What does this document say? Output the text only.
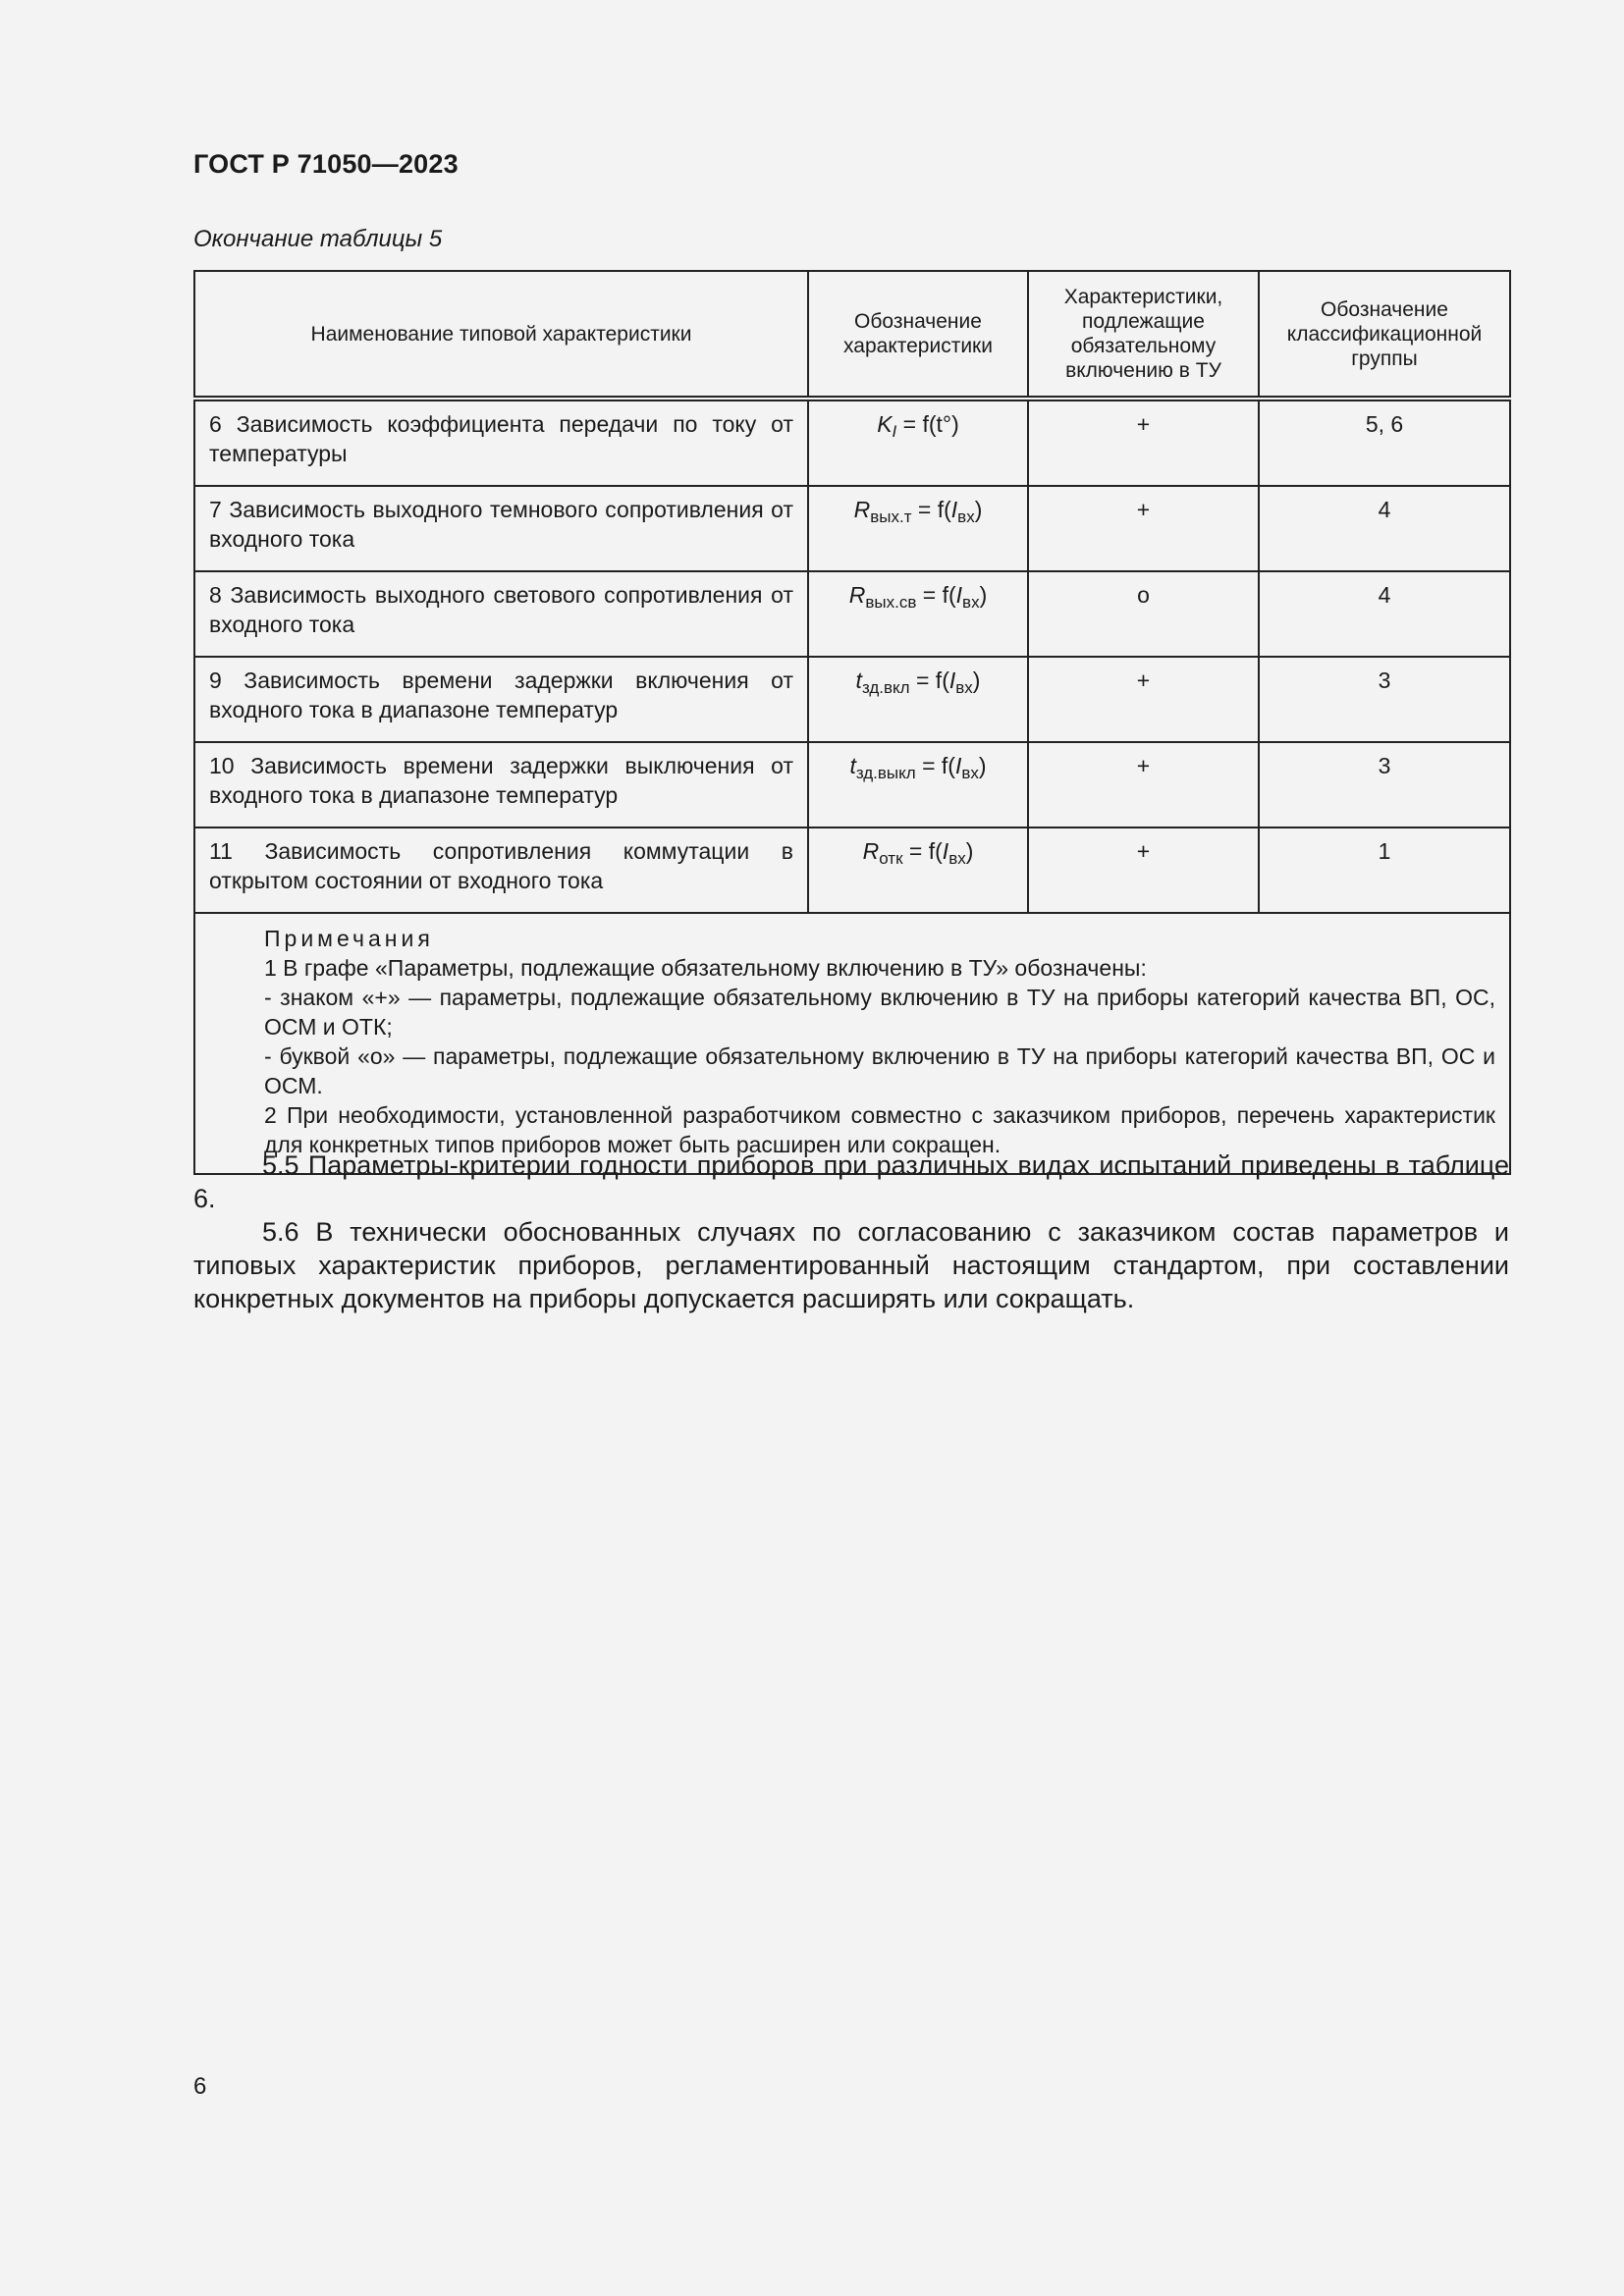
ГОСТ Р 71050—2023
Окончание таблицы 5
Наименование типовой характеристики	Обозначение характеристики	Характеристики, подлежащие обязательному включению в ТУ	Обозначение классификационной группы
6 Зависимость коэффициента передачи по току от температуры	$K_I = f(t^\circ)$	+	5, 6
7 Зависимость выходного темнового сопротивления от входного тока	$R_{вых.т} = f(I_{вх})$	+	4
8 Зависимость выходного светового сопротивления от входного тока	$R_{вых.св} = f(I_{вх})$	о	4
9 Зависимость времени задержки включения от входного тока в диапазоне температур	$t_{зд.вкл} = f(I_{вх})$	+	3
10 Зависимость времени задержки выключения от входного тока в диапазоне температур	$t_{зд.выкл} = f(I_{вх})$	+	3
11 Зависимость сопротивления коммутации в открытом состоянии от входного тока	$R_{отк} = f(I_{вх})$	+	1

Примечания
1 В графе «Параметры, подлежащие обязательному включению в ТУ» обозначены:
- знаком «+» — параметры, подлежащие обязательному включению в ТУ на приборы категорий качества ВП, ОС, ОСМ и ОТК;
- буквой «о» — параметры, подлежащие обязательному включению в ТУ на приборы категорий качества ВП, ОС и ОСМ.
2 При необходимости, установленной разработчиком совместно с заказчиком приборов, перечень характеристик для конкретных типов приборов может быть расширен или сокращен.			
5.5 Параметры-критерии годности приборов при различных видах испытаний приведены в таблице 6.
5.6 В технически обоснованных случаях по согласованию с заказчиком состав параметров и типовых характеристик приборов, регламентированный настоящим стандартом, при составлении конкретных документов на приборы допускается расширять или сокращать.
6
